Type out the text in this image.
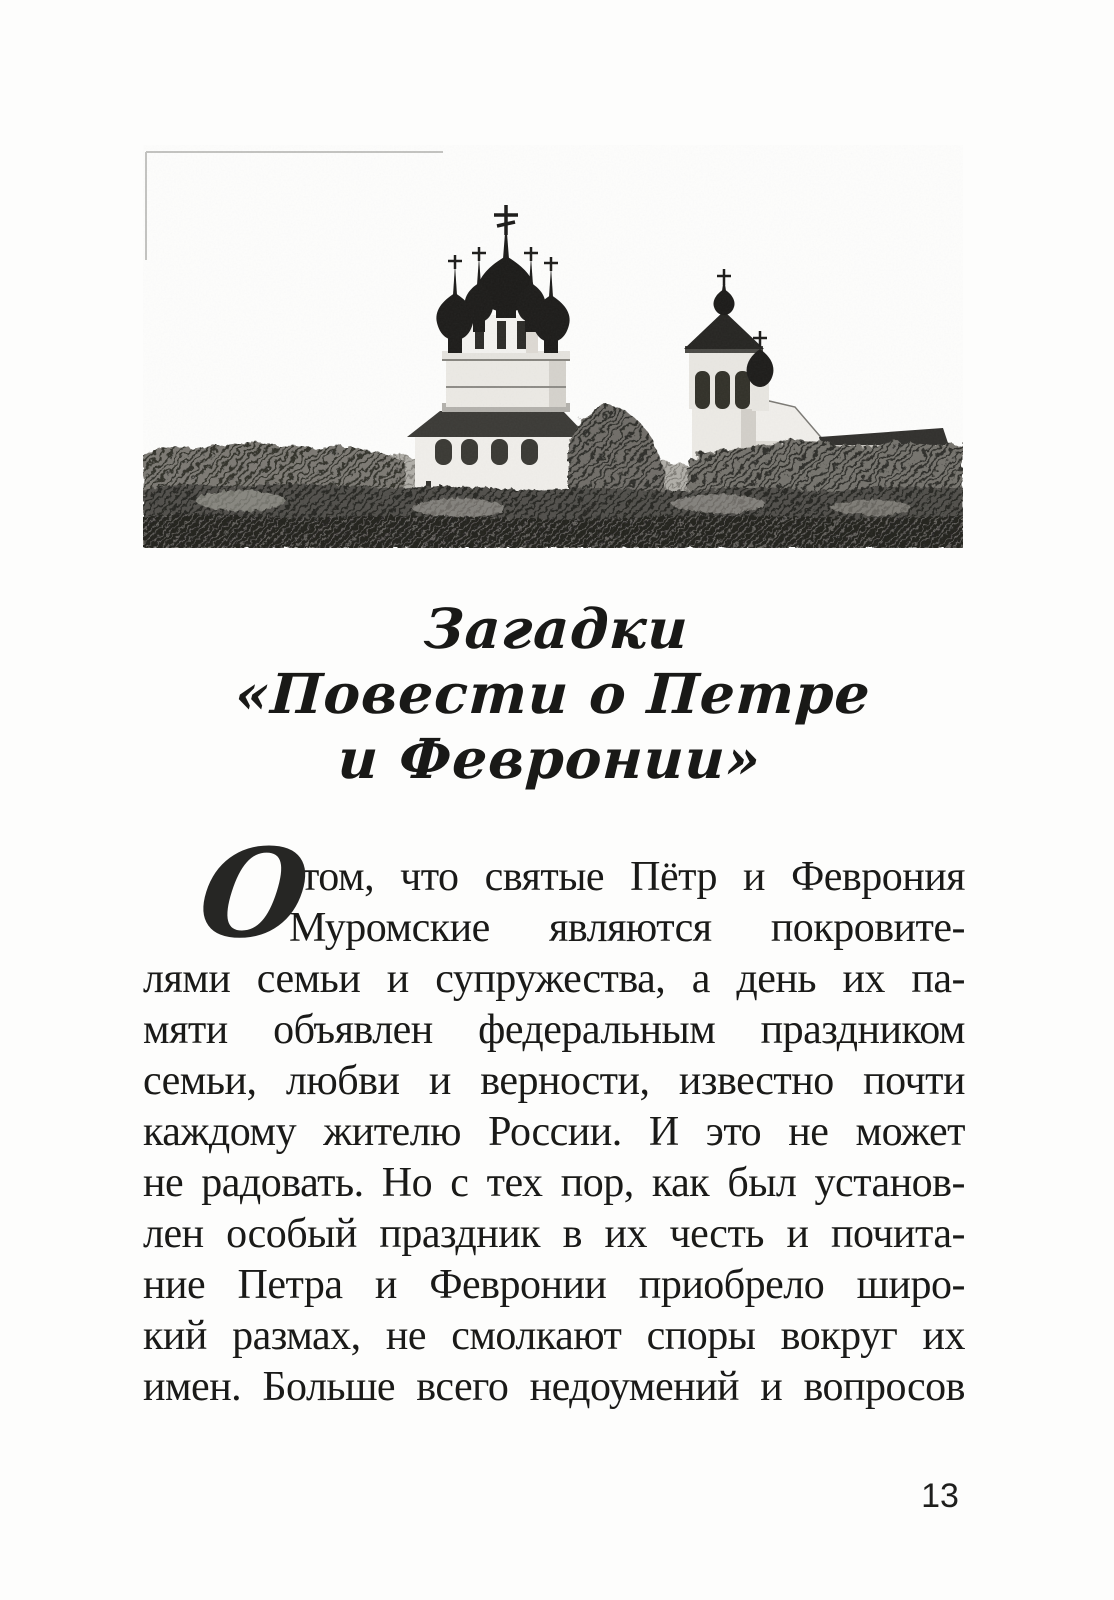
Загадки
«Повести о Петре
и Февронии»
О
том, что святые Пётр и Феврония
Муромские являются покровите-
лями семьи и супружества, а день их па-
мяти объявлен федеральным праздником
семьи, любви и верности, известно почти
каждому жителю России. И это не может
не радовать. Но с тех пор, как был установ-
лен особый праздник в их честь и почита-
ние Петра и Февронии приобрело широ-
кий размах, не смолкают споры вокруг их
имен. Больше всего недоумений и вопросов
13
